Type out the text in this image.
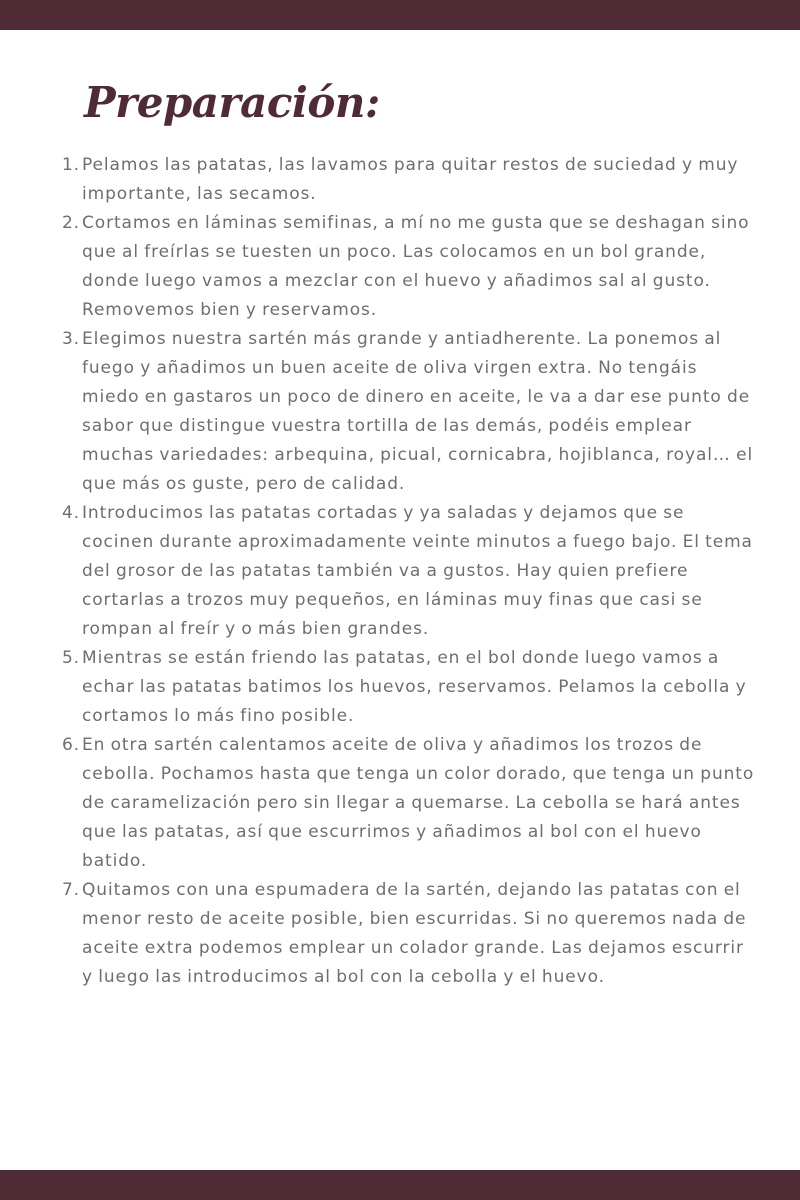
Preparación:
1. Pelamos las patatas, las lavamos para quitar restos de suciedad y muy importante, las secamos.
2. Cortamos en láminas semifinas, a mí no me gusta que se deshagan sino que al freírlas se tuesten un poco. Las colocamos en un bol grande, donde luego vamos a mezclar con el huevo y añadimos sal al gusto. Removemos bien y reservamos.
3. Elegimos nuestra sartén más grande y antiadherente. La ponemos al fuego y añadimos un buen aceite de oliva virgen extra. No tengáis miedo en gastaros un poco de dinero en aceite, le va a dar ese punto de sabor que distingue vuestra tortilla de las demás, podéis emplear muchas variedades: arbequina, picual, cornicabra, hojiblanca, royal… el que más os guste, pero de calidad.
4. Introducimos las patatas cortadas y ya saladas y dejamos que se cocinen durante aproximadamente veinte minutos a fuego bajo. El tema del grosor de las patatas también va a gustos. Hay quien prefiere cortarlas a trozos muy pequeños, en láminas muy finas que casi se rompan al freír y o más bien grandes.
5. Mientras se están friendo las patatas, en el bol donde luego vamos a echar las patatas batimos los huevos, reservamos. Pelamos la cebolla y cortamos lo más fino posible.
6. En otra sartén calentamos aceite de oliva y añadimos los trozos de cebolla. Pochamos hasta que tenga un color dorado, que tenga un punto de caramelización pero sin llegar a quemarse. La cebolla se hará antes que las patatas, así que escurrimos y añadimos al bol con el huevo batido.
7. Quitamos con una espumadera de la sartén, dejando las patatas con el menor resto de aceite posible, bien escurridas. Si no queremos nada de aceite extra podemos emplear un colador grande. Las dejamos escurrir y luego las introducimos al bol con la cebolla y el huevo.
